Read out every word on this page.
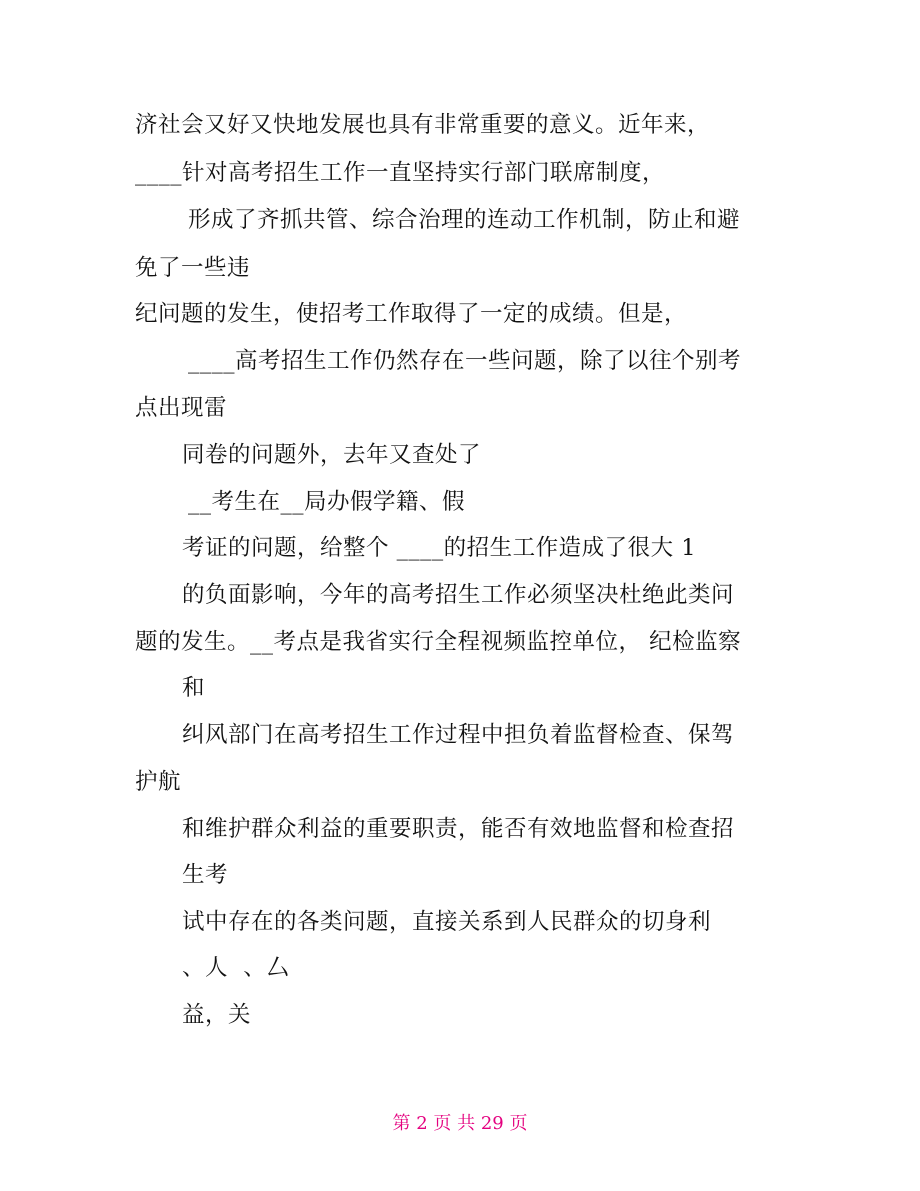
济社会又好又快地发展也具有非常重要的意义。近年来，
____针对高考招生工作一直坚持实行部门联席制度，
形成了齐抓共管、综合治理的连动工作机制，防止和避
免了一些违
纪问题的发生，使招考工作取得了一定的成绩。但是，
____高考招生工作仍然存在一些问题，除了以往个别考
点出现雷
同卷的问题外，去年又查处了
__考生在__局办假学籍、假
考证的问题，给整个 ____的招生工作造成了很大 1
的负面影响，今年的高考招生工作必须坚决杜绝此类问
题的发生。__考点是我省实行全程视频监控单位， 纪检监察
和
纠风部门在高考招生工作过程中担负着监督检查、保驾
护航
和维护群众利益的重要职责，能否有效地监督和检查招
生考
试中存在的各类问题，直接关系到人民群众的切身利
、人  、厶
益，关
第 2 页 共 29 页
